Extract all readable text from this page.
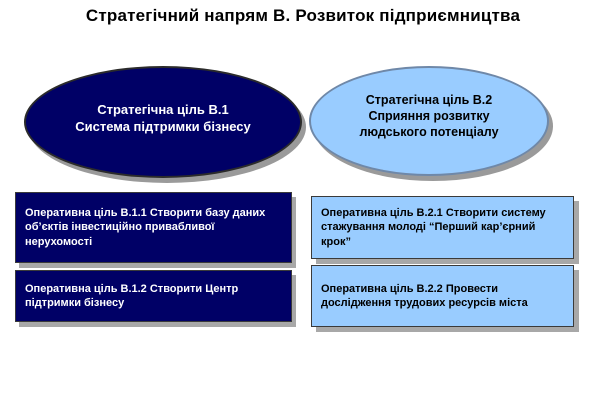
Стратегічний напрям В. Розвиток підприємництва
Стратегічна ціль В.1
Система підтримки бізнесу
Стратегічна ціль В.2
Сприяння розвитку людського потенціалу
Оперативна ціль В.1.1 Створити базу даних об’єктів інвестиційно привабливої нерухомості
Оперативна ціль В.1.2 Створити Центр підтримки бізнесу
Оперативна ціль В.2.1 Створити систему стажування молоді “Перший кар’єрний крок”
Оперативна ціль В.2.2 Провести дослідження трудових ресурсів міста
